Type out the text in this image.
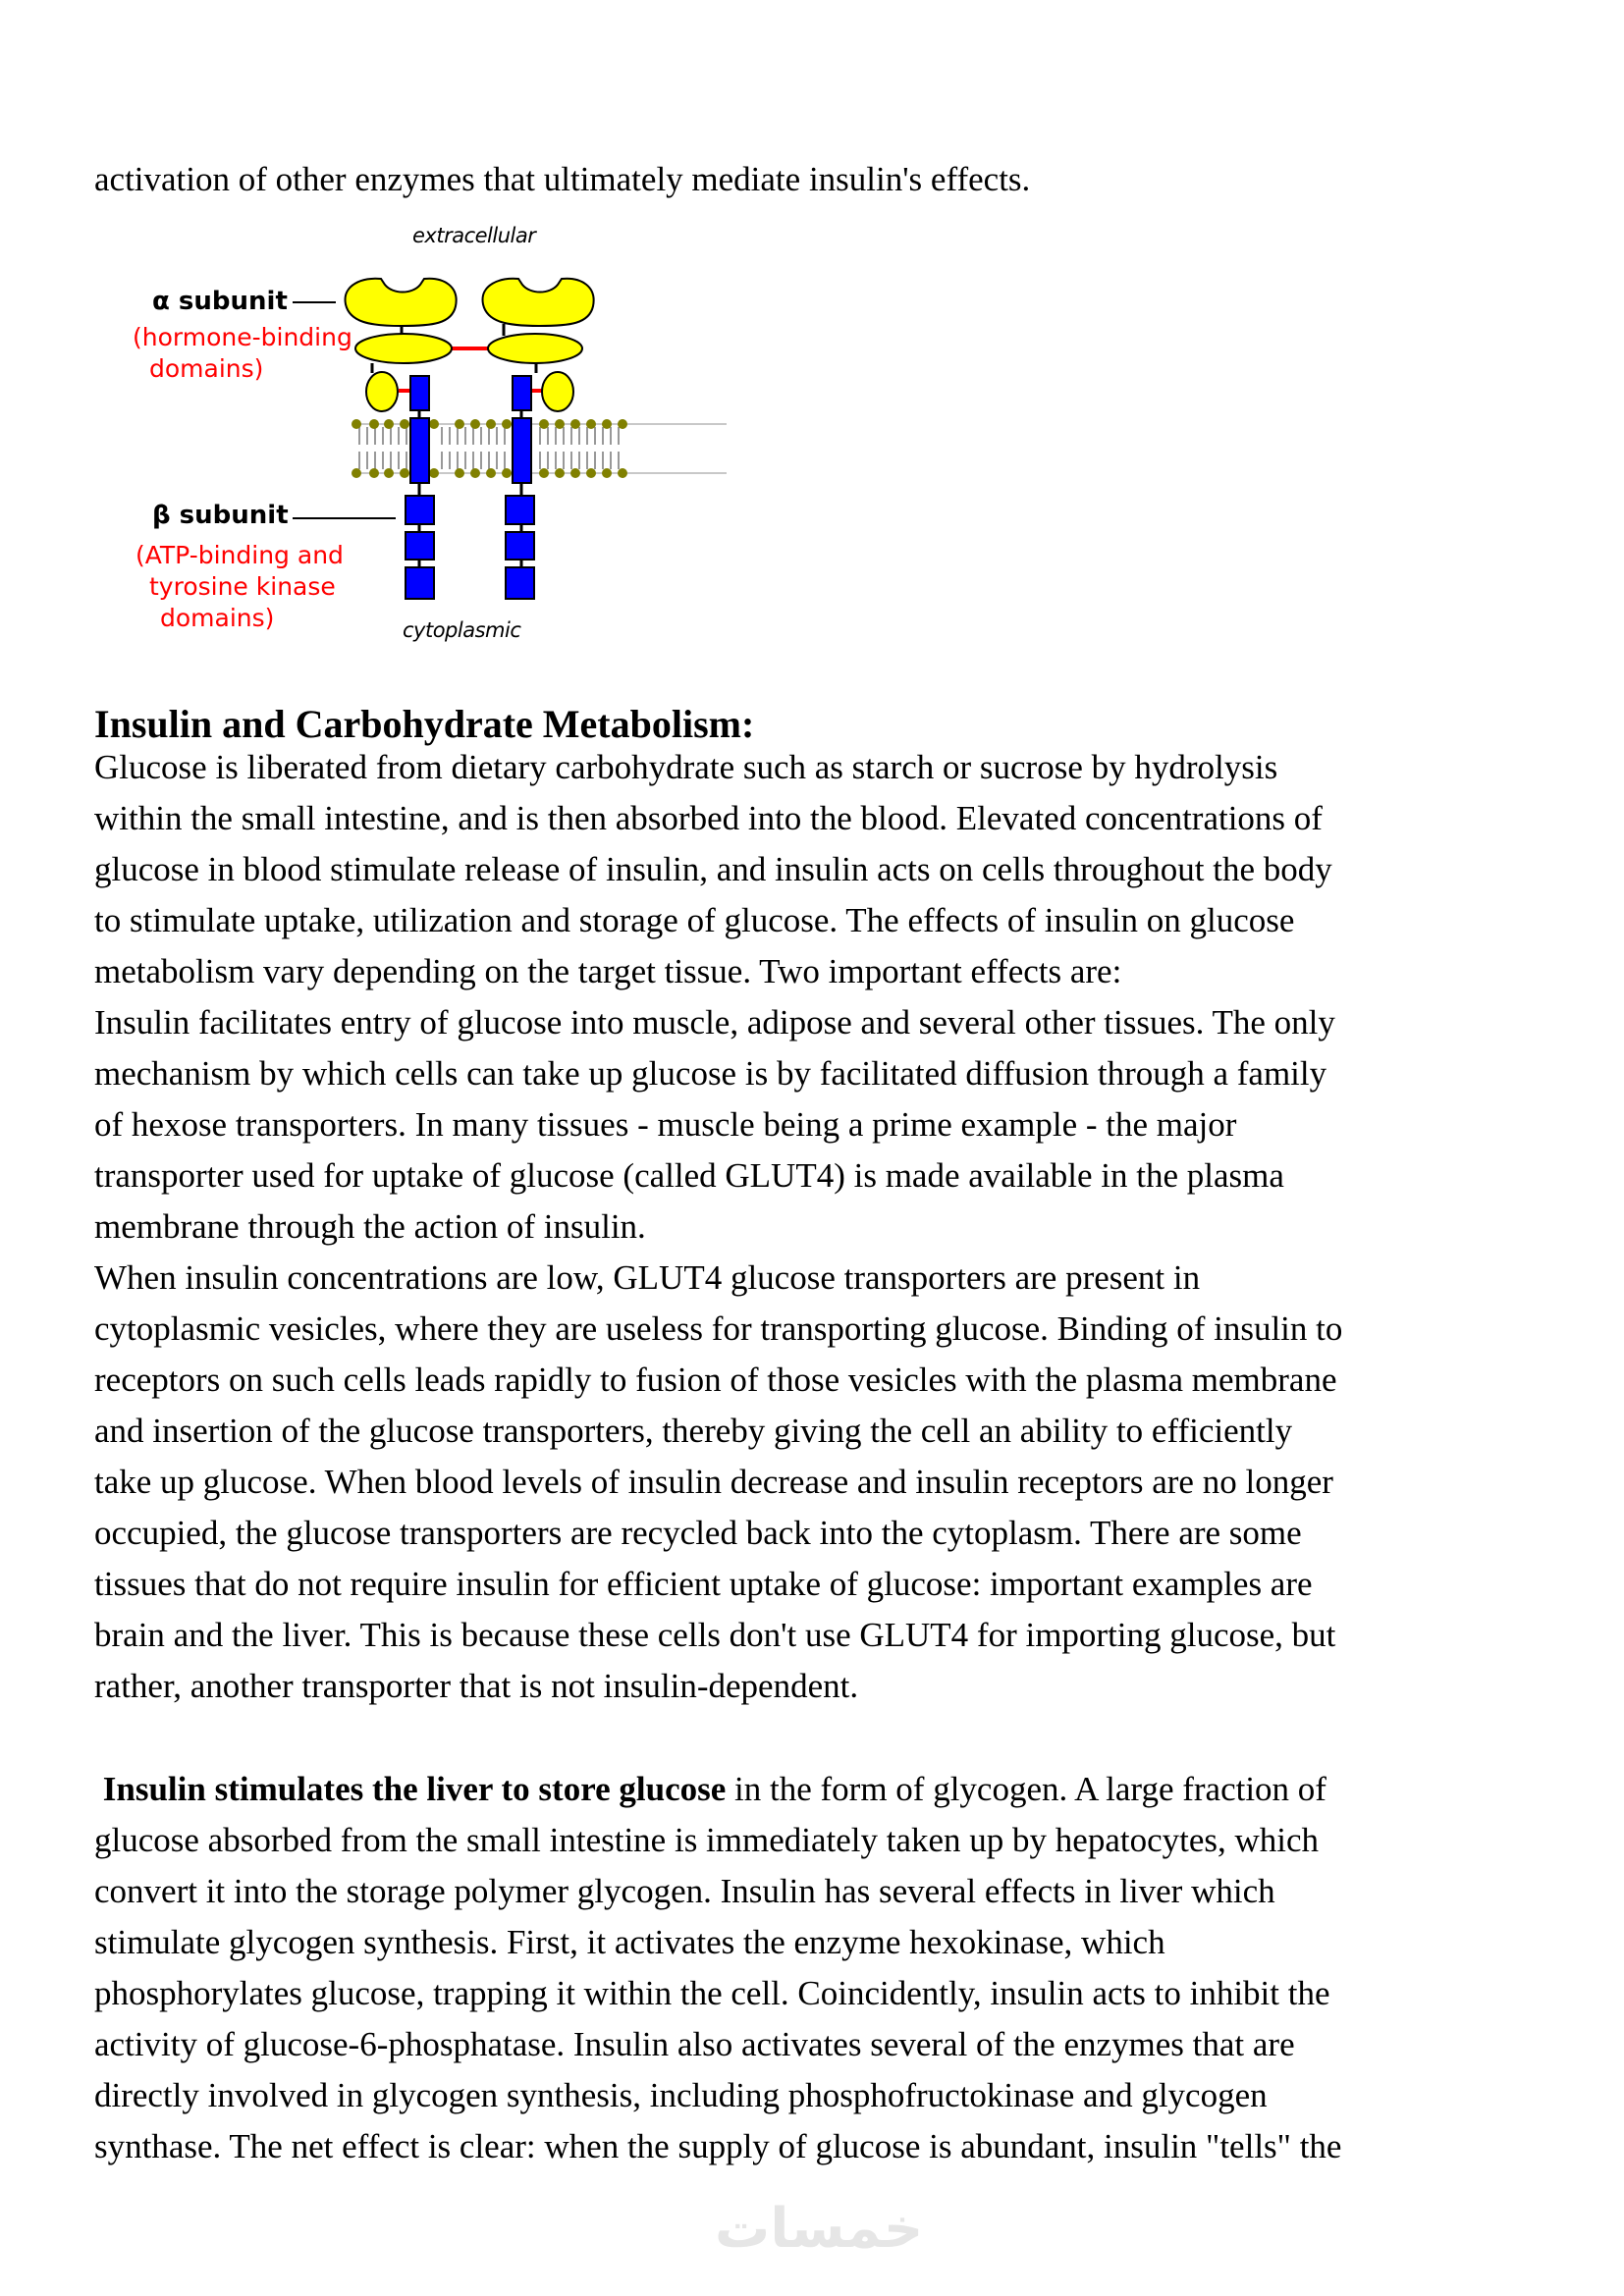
activation of other enzymes that ultimately mediate insulin's effects.
extracellular
α subunit
(hormone-binding
domains)
β subunit
(ATP-binding and
tyrosine kinase
domains)	cytoplasmic
Insulin and Carbohydrate Metabolism:
Glucose is liberated from dietary carbohydrate such as starch or sucrose by hydrolysis
within the small intestine, and is then absorbed into the blood. Elevated concentrations of
glucose in blood stimulate release of insulin, and insulin acts on cells throughout the body
to stimulate uptake, utilization and storage of glucose. The effects of insulin on glucose
metabolism vary depending on the target tissue. Two important effects are:
Insulin facilitates entry of glucose into muscle, adipose and several other tissues. The only
mechanism by which cells can take up glucose is by facilitated diffusion through a family
of hexose transporters. In many tissues - muscle being a prime example - the major
transporter used for uptake of glucose (called GLUT4) is made available in the plasma
membrane through the action of insulin.
When insulin concentrations are low, GLUT4 glucose transporters are present in
cytoplasmic vesicles, where they are useless for transporting glucose. Binding of insulin to
receptors on such cells leads rapidly to fusion of those vesicles with the plasma membrane
and insertion of the glucose transporters, thereby giving the cell an ability to efficiently
take up glucose. When blood levels of insulin decrease and insulin receptors are no longer
occupied, the glucose transporters are recycled back into the cytoplasm. There are some
tissues that do not require insulin for efficient uptake of glucose: important examples are
brain and the liver. This is because these cells don't use GLUT4 for importing glucose, but
rather, another transporter that is not insulin-dependent.
Insulin stimulates the liver to store glucose in the form of glycogen. A large fraction of
glucose absorbed from the small intestine is immediately taken up by hepatocytes, which
convert it into the storage polymer glycogen. Insulin has several effects in liver which
stimulate glycogen synthesis. First, it activates the enzyme hexokinase, which
phosphorylates glucose, trapping it within the cell. Coincidently, insulin acts to inhibit the
activity of glucose-6-phosphatase. Insulin also activates several of the enzymes that are
directly involved in glycogen synthesis, including phosphofructokinase and glycogen
synthase. The net effect is clear: when the supply of glucose is abundant, insulin "tells" the
خمسات
